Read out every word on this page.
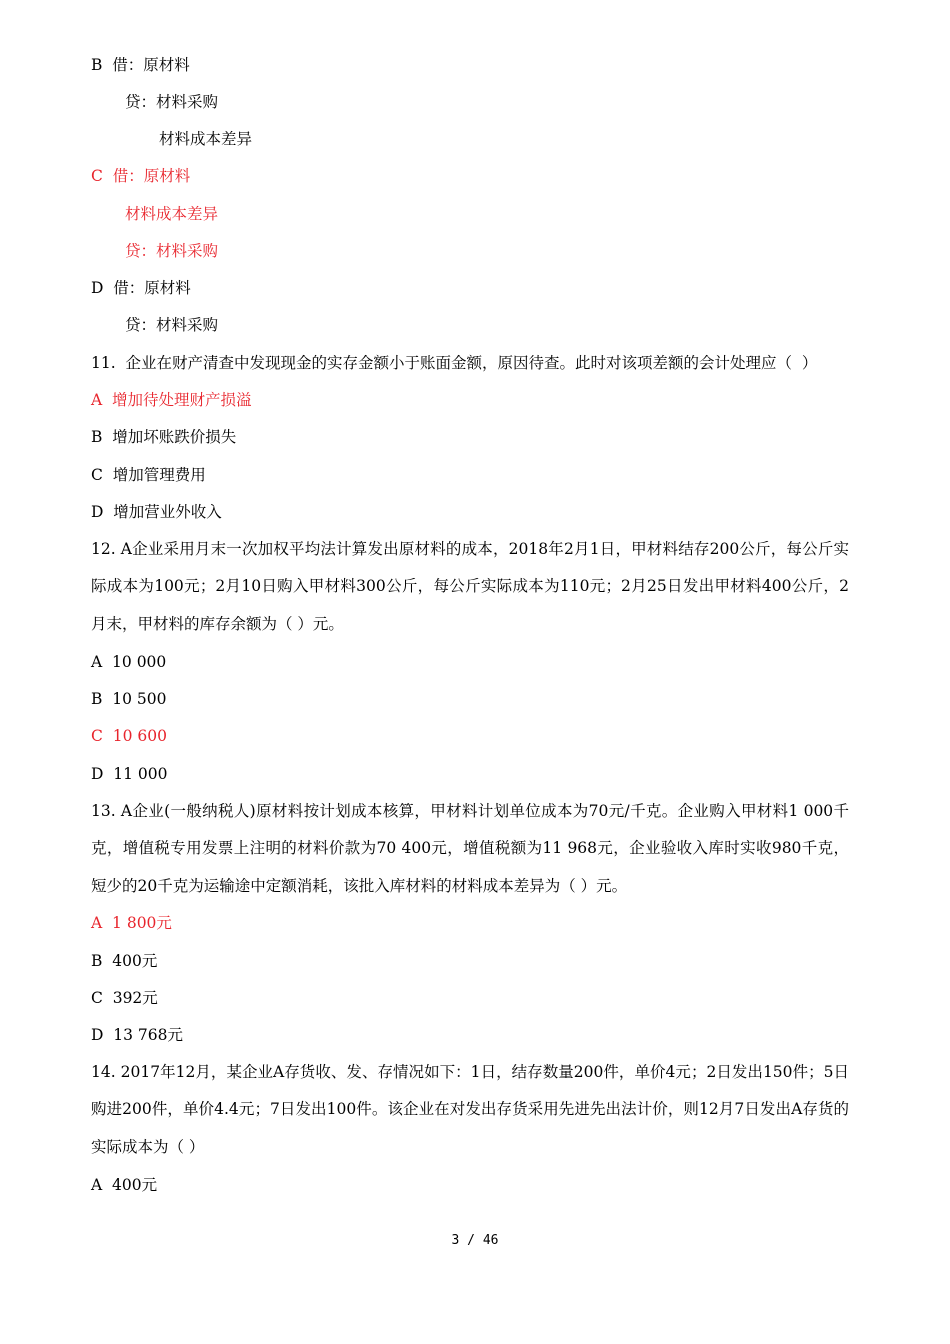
B  借：原材料
贷：材料采购
材料成本差异
C  借：原材料
材料成本差异
贷：材料采购
D  借：原材料
贷：材料采购
11.  企业在财产清查中发现现金的实存金额小于账面金额，原因待查。此时对该项差额的会计处理应（  ）
A  增加待处理财产损溢
B  增加坏账跌价损失
C  增加管理费用
D  增加营业外收入
12. A企业采用月末一次加权平均法计算发出原材料的成本，2018年2月1日，甲材料结存200公斤，每公斤实际成本为100元；2月10日购入甲材料300公斤，每公斤实际成本为110元；2月25日发出甲材料400公斤，2月末，甲材料的库存余额为（ ）元。
A  10 000
B  10 500
C  10 600
D  11 000
13. A企业(一般纳税人)原材料按计划成本核算，甲材料计划单位成本为70元/千克。企业购入甲材料1 000千克，增值税专用发票上注明的材料价款为70 400元，增值税额为11 968元，企业验收入库时实收980千克，短少的20千克为运输途中定额消耗，该批入库材料的材料成本差异为（ ）元。
A  1 800元
B  400元
C  392元
D  13 768元
14. 2017年12月，某企业A存货收、发、存情况如下：1日，结存数量200件，单价4元；2日发出150件；5日购进200件，单价4.4元；7日发出100件。该企业在对发出存货采用先进先出法计价，则12月7日发出A存货的实际成本为（ ）
A  400元
3 / 46
